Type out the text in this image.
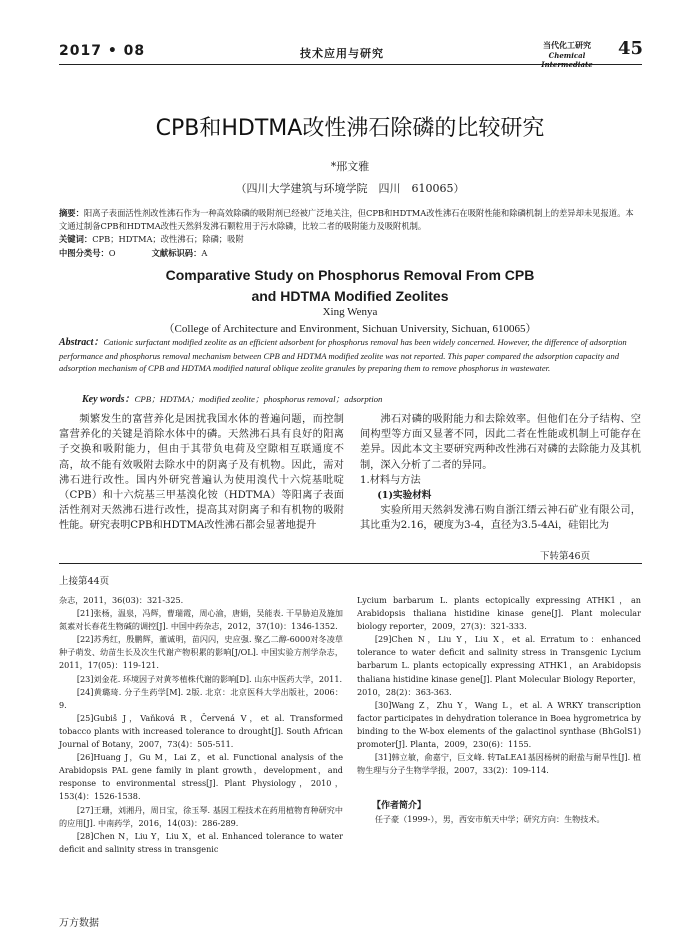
2017 • 08	技术应用与研究
当代化工研究
Chemical	45
CPB和HDTMA改性沸石除磷的比较研究
*邢文雅
（四川大学建筑与环境学院　四川　610065）
摘要：阳离子表面活性剂改性沸石作为一种高效除磷的吸附剂已经被广泛地关注，但CPB和HDTMA改性沸石在吸附性能和除磷机制上的差异却未见报道。本文通过制备CPB和HDTMA改性天然斜发沸石颗粒用于污水除磷，比较二者的吸附能力及吸附机制。
关键词：CPB；HDTMA；改性沸石；除磷；吸附
中图分类号：O	文献标识码：A
Comparative Study on Phosphorus Removal From CPB
and HDTMA Modified Zeolites
Xing Wenya
（College of Architecture and Environment, Sichuan University, Sichuan, 610065）
Abstract：Cationic surfactant modified zeolite as an efficient adsorbent for phosphorus removal has been widely concerned. However, the difference of adsorption performance and phosphorus removal mechanism between CPB and HDTMA modified zeolite was not reported. This paper compared the adsorption capacity and adsorption mechanism of CPB and HDTMA modified natural oblique zeolite granules by preparing them to remove phosphorus in wastewater.
Key words：CPB；HDTMA；modified zeolite；phosphorus removal；adsorption

频繁发生的富营养化是困扰我国水体的普遍问题，而控制富营养化的关键是消除水体中的磷。天然沸石具有良好的阳离子交换和吸附能力，但由于其带负电荷及空隙相互联通度不高，故不能有效吸附去除水中的阴离子及有机物。因此，需对沸石进行改性。国内外研究普遍认为使用溴代十六烷基吡啶（CPB）和十六烷基三甲基溴化铵（HDTMA）等阳离子表面活性剂对天然沸石进行改性，提高其对阴离子和有机物的吸附性能。研究表明CPB和HDTMA改性沸石都会显著地提升

沸石对磷的吸附能力和去除效率。但他们在分子结构、空间构型等方面又显著不同，因此二者在性能或机制上可能存在差异。因此本文主要研究两种改性沸石对磷的去除能力及其机制，深入分析了二者的异同。

1.材料与方法
(1)实验材料

实验所用天然斜发沸石购自浙江缙云神石矿业有限公司，其比重为2.16，硬度为3-4，直径为3.5-4Ai，硅铝比为

下转第46页
上接第44页

杂志，2011，36(03)：321-325.

[21]张杨，温泉，冯辉，曹瑞霞，周心渝，唐娟，吴能表. 干旱胁迫及施加氮素对长春花生物碱的调控[J]. 中国中药杂志，2012，37(10)：1346-1352.

[22]苏秀红，殷鹏辉，董诚明，苗闪闪，史应强. 聚乙二醇-6000对冬凌草种子萌发、幼苗生长及次生代谢产物积累的影响[J/OL]. 中国实验方剂学杂志，2011，17(05)：119-121.

[23]刘金花. 环境因子对黄芩植株代谢的影响[D]. 山东中医药大学，2011.

[24]黄璐琦. 分子生药学[M]. 2版. 北京：北京医科大学出版社，2006：9.

[25]Gubiš J，Vaňková R，Červená V，et al. Transformed tobacco plants with increased tolerance to drought[J]. South African Journal of Botany，2007，73(4)：505-511.

[26]Huang J，Gu M，Lai Z，et al. Functional analysis of the Arabidopsis PAL gene family in plant growth，development，and response to environmental stress[J]. Plant Physiology，2010，153(4)：1526-1538.

[27]王珊，刘湘丹，周日宝，徐玉琴. 基因工程技术在药用植物育种研究中的应用[J]. 中南药学，2016，14(03)：286-289.

[28]Chen N，Liu Y，Liu X，et al. Enhanced tolerance to water deficit and salinity stress in transgenic

Lycium barbarum L. plants ectopically expressing ATHK1，an Arabidopsis thaliana histidine kinase gene[J]. Plant molecular biology reporter，2009，27(3)：321-333.

[29]Chen N，Liu Y，Liu X，et al. Erratum to：enhanced tolerance to water deficit and salinity stress in Transgenic Lycium barbarum L. plants ectopically expressing ATHK1，an Arabidopsis thaliana histidine kinase gene[J]. Plant Molecular Biology Reporter，2010，28(2)：363-363.

[30]Wang Z，Zhu Y，Wang L，et al. A WRKY transcription factor participates in dehydration tolerance in Boea hygrometrica by binding to the W-box elements of the galactinol synthase (BhGolS1) promoter[J]. Planta，2009，230(6)：1155.

[31]韩立敏，俞嘉宁，巨文峰. 转TaLEA1基因杨树的耐盐与耐旱性[J]. 植物生理与分子生物学学报，2007，33(2)：109-114.

【作者简介】
任子豪（1999-），男，西安市航天中学；研究方向：生物技术。
万方数据
